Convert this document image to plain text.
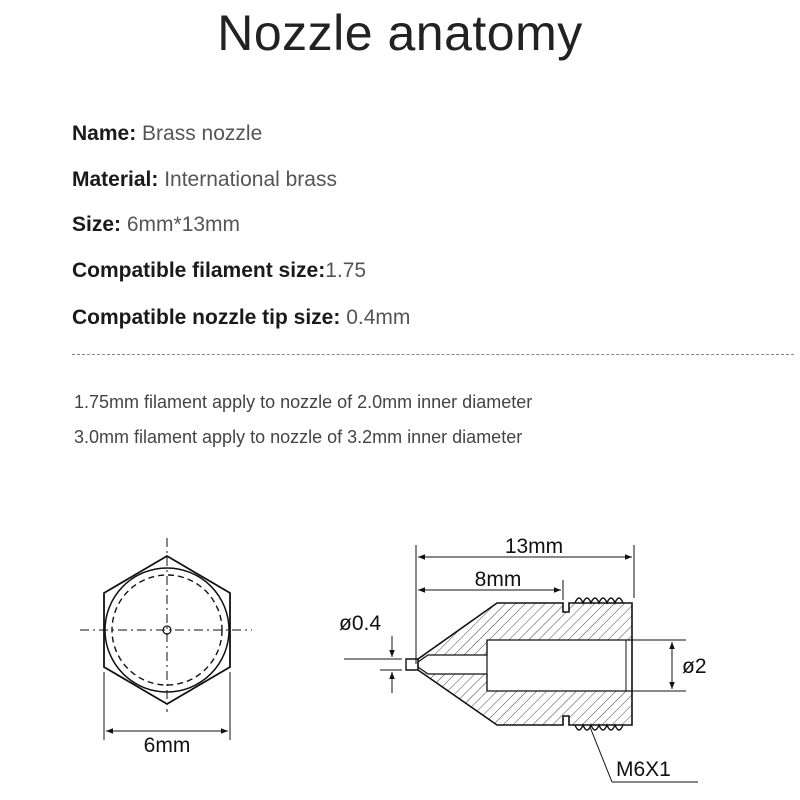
Nozzle anatomy
Name: Brass nozzle
Material: International brass
Size: 6mm*13mm
Compatible filament size:1.75
Compatible nozzle tip size: 0.4mm
1.75mm filament apply to nozzle of 2.0mm inner diameter
3.0mm filament apply to nozzle of 3.2mm inner diameter
6mm
13mm
8mm
ø0.4
ø2
M6X1
